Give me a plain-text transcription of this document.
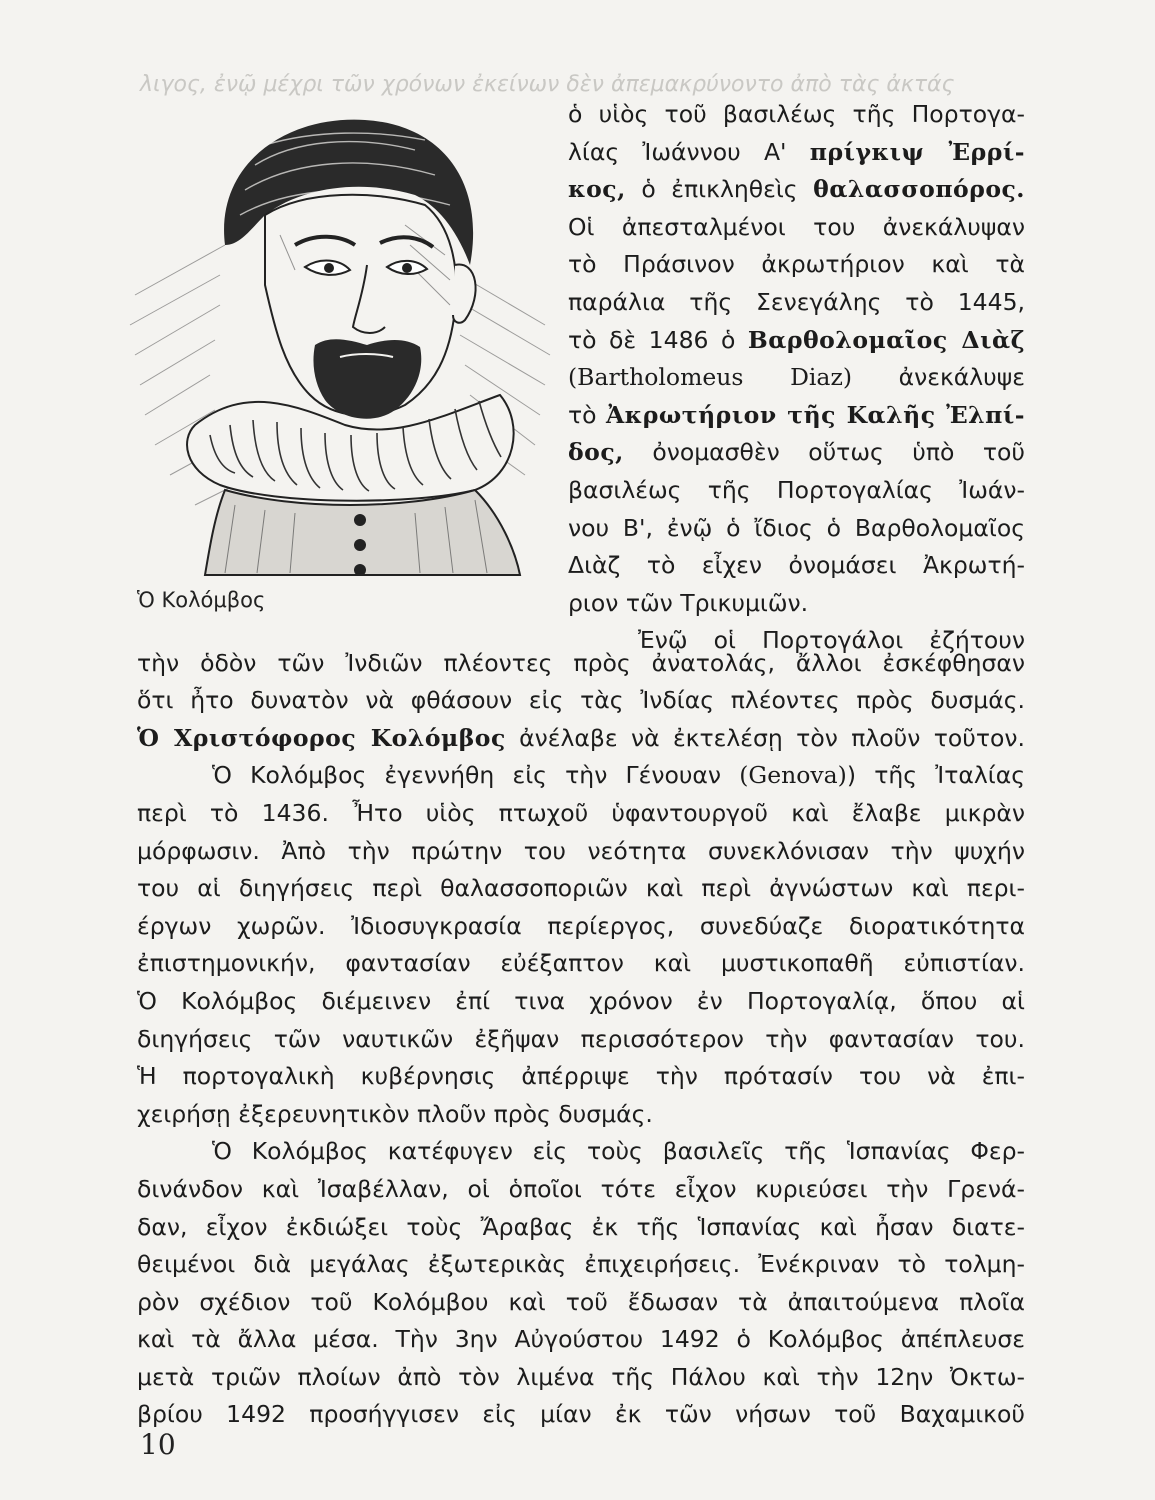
λιγος, ἐνῷ μέχρι τῶν χρόνων ἐκείνων δὲν ἀπεμακρύνοντο ἀπὸ τὰς ἀκτάς
Ὁ Κολόμβος
ὁ υἱὸς τοῦ βασιλέως τῆς Πορτογα-
λίας Ἰωάννου Α' πρίγκιψ Ἐρρί-
κος, ὁ ἐπικληθεὶς θαλασσοπόρος.
Οἱ ἀπεσταλμένοι του ἀνεκάλυψαν
τὸ Πράσινον ἀκρωτήριον καὶ τὰ
παράλια τῆς Σενεγάλης τὸ 1445,
τὸ δὲ 1486 ὁ Βαρθολομαῖος Διὰζ
(Bartholomeus Diaz) ἀνεκάλυψε
τὸ Ἀκρωτήριον τῆς Καλῆς Ἐλπί-
δος, ὀνομασθὲν οὕτως ὑπὸ τοῦ
βασιλέως τῆς Πορτογαλίας Ἰωάν-
νου Β', ἐνῷ ὁ ἴδιος ὁ Βαρθολομαῖος
Διὰζ τὸ εἶχεν ὀνομάσει Ἀκρωτή-
ριον τῶν Τρικυμιῶν.
Ἐνῷ οἱ Πορτογάλοι ἐζήτουν
τὴν ὁδὸν τῶν Ἰνδιῶν πλέοντες πρὸς ἀνατολάς, ἄλλοι ἐσκέφθησαν
ὅτι ἦτο δυνατὸν νὰ φθάσουν εἰς τὰς Ἰνδίας πλέοντες πρὸς δυσμάς.
Ὁ Χριστόφορος Κολόμβος ἀνέλαβε νὰ ἐκτελέσῃ τὸν πλοῦν τοῦτον.
Ὁ Κολόμβος ἐγεννήθη εἰς τὴν Γένουαν (Genova)) τῆς Ἰταλίας
περὶ τὸ 1436. Ἦτο υἱὸς πτωχοῦ ὑφαντουργοῦ καὶ ἔλαβε μικρὰν
μόρφωσιν. Ἀπὸ τὴν πρώτην του νεότητα συνεκλόνισαν τὴν ψυχήν
του αἱ διηγήσεις περὶ θαλασσοποριῶν καὶ περὶ ἀγνώστων καὶ περι-
έργων χωρῶν. Ἰδιοσυγκρασία περίεργος, συνεδύαζε διορατικότητα
ἐπιστημονικήν, φαντασίαν εὐέξαπτον καὶ μυστικοπαθῆ εὐπιστίαν.
Ὁ Κολόμβος διέμεινεν ἐπί τινα χρόνον ἐν Πορτογαλίᾳ, ὅπου αἱ
διηγήσεις τῶν ναυτικῶν ἐξῆψαν περισσότερον τὴν φαντασίαν του.
Ἡ πορτογαλικὴ κυβέρνησις ἀπέρριψε τὴν πρότασίν του νὰ ἐπι-
χειρήσῃ ἐξερευνητικὸν πλοῦν πρὸς δυσμάς.
Ὁ Κολόμβος κατέφυγεν εἰς τοὺς βασιλεῖς τῆς Ἱσπανίας Φερ-
δινάνδον καὶ Ἰσαβέλλαν, οἱ ὁποῖοι τότε εἶχον κυριεύσει τὴν Γρενά-
δαν, εἶχον ἐκδιώξει τοὺς Ἄραβας ἐκ τῆς Ἱσπανίας καὶ ἦσαν διατε-
θειμένοι διὰ μεγάλας ἐξωτερικὰς ἐπιχειρήσεις. Ἐνέκριναν τὸ τολμη-
ρὸν σχέδιον τοῦ Κολόμβου καὶ τοῦ ἔδωσαν τὰ ἀπαιτούμενα πλοῖα
καὶ τὰ ἄλλα μέσα. Τὴν 3ην Αὐγούστου 1492 ὁ Κολόμβος ἀπέπλευσε
μετὰ τριῶν πλοίων ἀπὸ τὸν λιμένα τῆς Πάλου καὶ τὴν 12ην Ὀκτω-
βρίου 1492 προσήγγισεν εἰς μίαν ἐκ τῶν νήσων τοῦ Βαχαμικοῦ
10
